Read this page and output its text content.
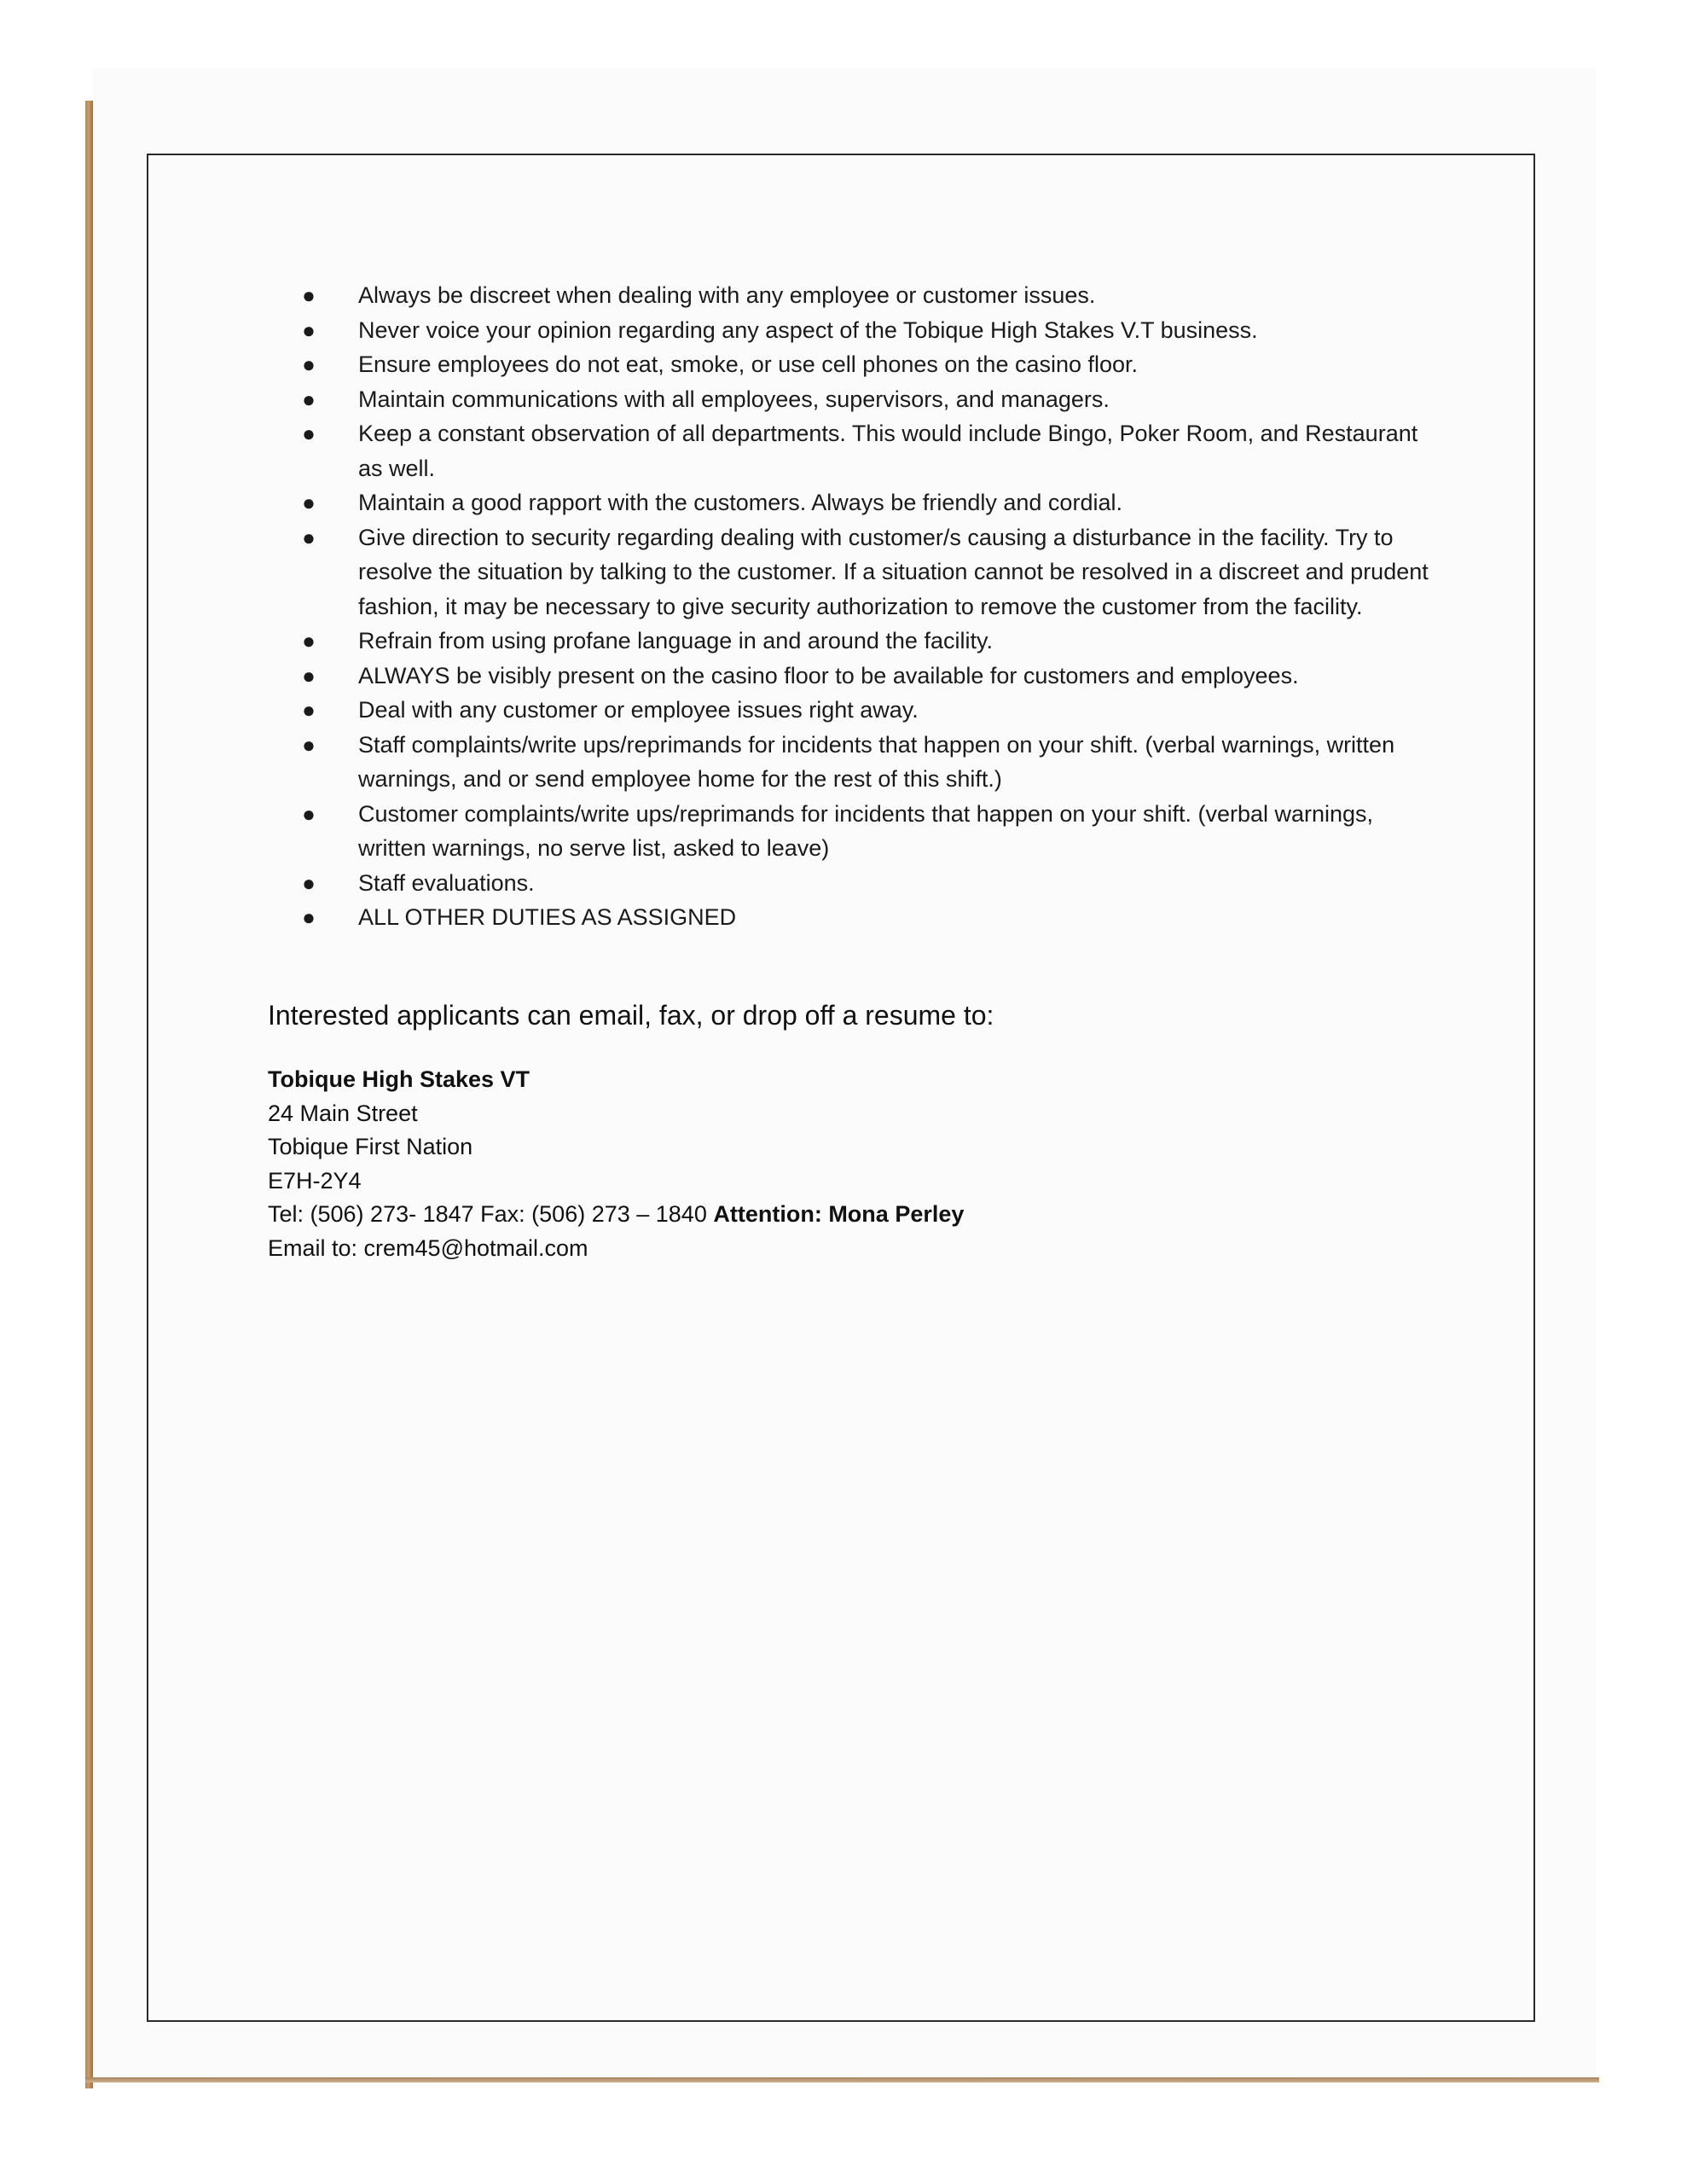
● Always be discreet when dealing with any employee or customer issues.
● Never voice your opinion regarding any aspect of the Tobique High Stakes V.T business.
● Ensure employees do not eat, smoke, or use cell phones on the casino floor.
● Maintain communications with all employees, supervisors, and managers.
● Keep a constant observation of all departments. This would include Bingo, Poker Room, and Restaurant as well.
● Maintain a good rapport with the customers. Always be friendly and cordial.
● Give direction to security regarding dealing with customer/s causing a disturbance in the facility. Try to resolve the situation by talking to the customer. If a situation cannot be resolved in a discreet and prudent fashion, it may be necessary to give security authorization to remove the customer from the facility.
● Refrain from using profane language in and around the facility.
● ALWAYS be visibly present on the casino floor to be available for customers and employees.
● Deal with any customer or employee issues right away.
● Staff complaints/write ups/reprimands for incidents that happen on your shift. (verbal warnings, written warnings, and or send employee home for the rest of this shift.)
● Customer complaints/write ups/reprimands for incidents that happen on your shift. (verbal warnings, written warnings, no serve list, asked to leave)
● Staff evaluations.
● ALL OTHER DUTIES AS ASSIGNED

Interested applicants can email, fax, or drop off a resume to:

Tobique High Stakes VT
24 Main Street
Tobique First Nation
E7H-2Y4
Tel: (506) 273- 1847 Fax: (506) 273 – 1840 Attention: Mona Perley
Email to: crem45@hotmail.com
